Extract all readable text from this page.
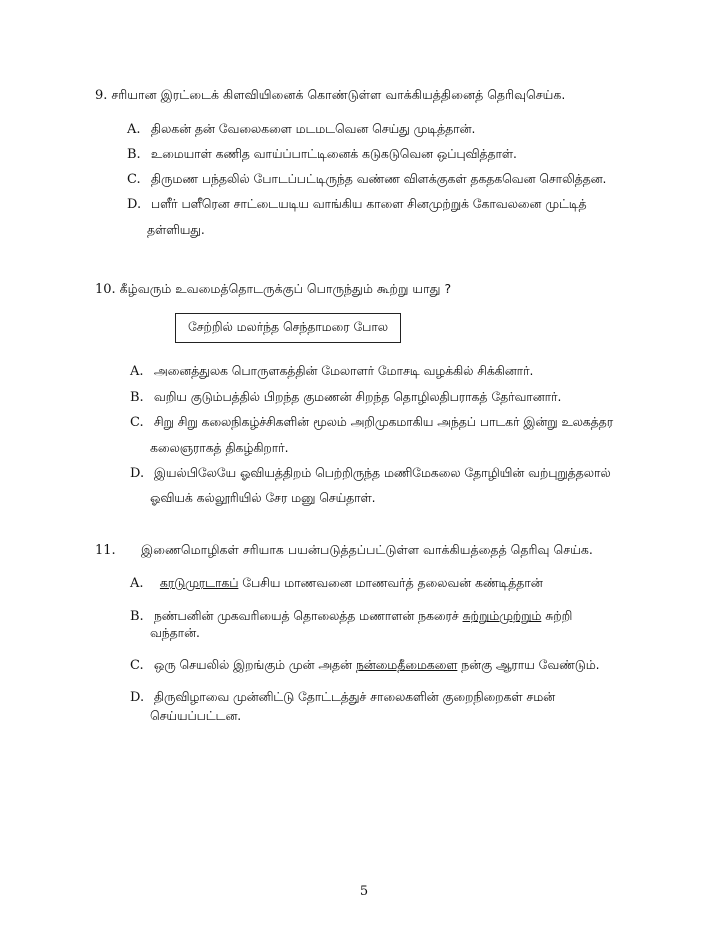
9. சரியான இரட்டைக் கிளவியினைக் கொண்டுள்ள வாக்கியத்தினைத் தெரிவுசெய்க.
A. திலகன் தன் வேலைகளை மடமடவென செய்து முடித்தான்.
B. உமையாள் கணித வாய்ப்பாட்டினைக் கடுகடுவென ஒப்புவித்தாள்.
C. திருமண பந்தலில் போடப்பட்டிருந்த வண்ண விளக்குகள் தகதகவென சொலித்தன.
D. பளீர் பளீரென சாட்டையடிய வாங்கிய காளை சினமுற்றுக் கோவலனை முட்டித்
தள்ளியது.
10. கீழ்வரும் உவமைத்தொடருக்குப் பொருந்தும் கூற்று யாது ?
சேற்றில் மலர்ந்த செந்தாமரை போல
A. அனைத்துலக பொருளகத்தின் மேலாளர் மோசடி வழக்கில் சிக்கினார்.
B. வறிய குடும்பத்தில் பிறந்த குமணன் சிறந்த தொழிலதிபராகத் தேர்வானார்.
C. சிறு சிறு கலைநிகழ்ச்சிகளின் மூலம் அறிமுகமாகிய அந்தப் பாடகர் இன்று உலகத்தர
கலைஞராகத் திகழ்கிறார்.
D. இயல்பிலேயே ஓவியத்திறம் பெற்றிருந்த மணிமேகலை தோழியின் வற்புறுத்தலால்
ஓவியக் கல்லூரியில் சேர மனு செய்தாள்.
11. இணைமொழிகள் சரியாக பயன்படுத்தப்பட்டுள்ள வாக்கியத்தைத் தெரிவு செய்க.
A. கரடுமுரடாகப் பேசிய மாணவனை மாணவர்த் தலைவன் கண்டித்தான்
B. நண்பனின் முகவரியைத் தொலைத்த மணாளன் நகரைச் சுற்றும்முற்றும் சுற்றி
வந்தான்.
C. ஒரு செயலில் இறங்கும் முன் அதன் நன்மைதீமைகளை நன்கு ஆராய வேண்டும்.
D. திருவிழாவை முன்னிட்டு தோட்டத்துச் சாலைகளின் குறைநிறைகள் சமன்
செய்யப்பட்டன.
5
